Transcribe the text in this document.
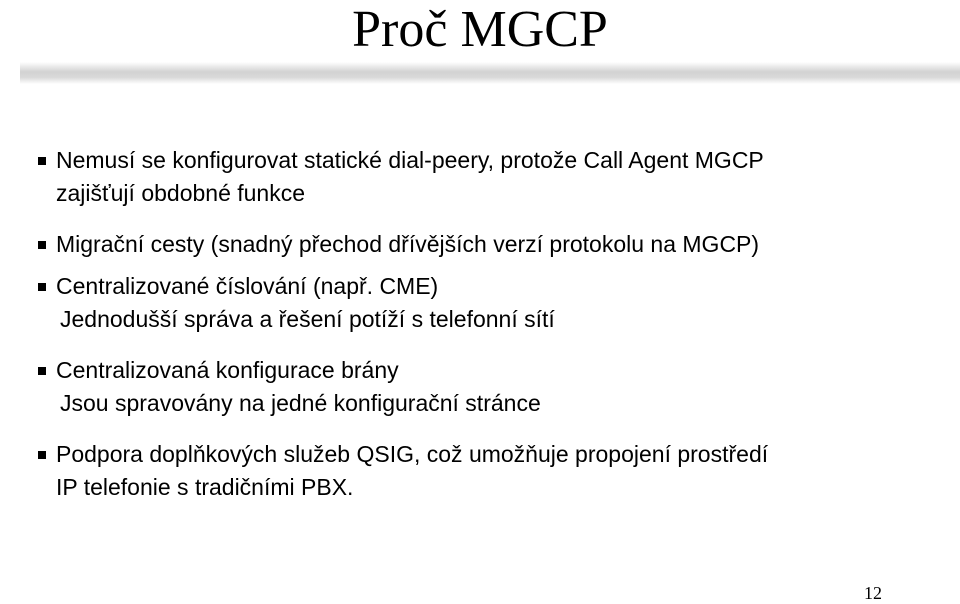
Proč MGCP
Nemusí se konfigurovat statické dial-peery, protože Call Agent MGCP
zajišťují obdobné funkce
Migrační cesty (snadný přechod dřívějších verzí protokolu na MGCP)
Centralizované číslování (např. CME)
Jednodušší správa a řešení potíží s telefonní sítí
Centralizovaná konfigurace brány
Jsou spravovány na jedné konfigurační stránce
Podpora doplňkových služeb QSIG, což umožňuje propojení prostředí
IP telefonie s tradičními PBX.
12
